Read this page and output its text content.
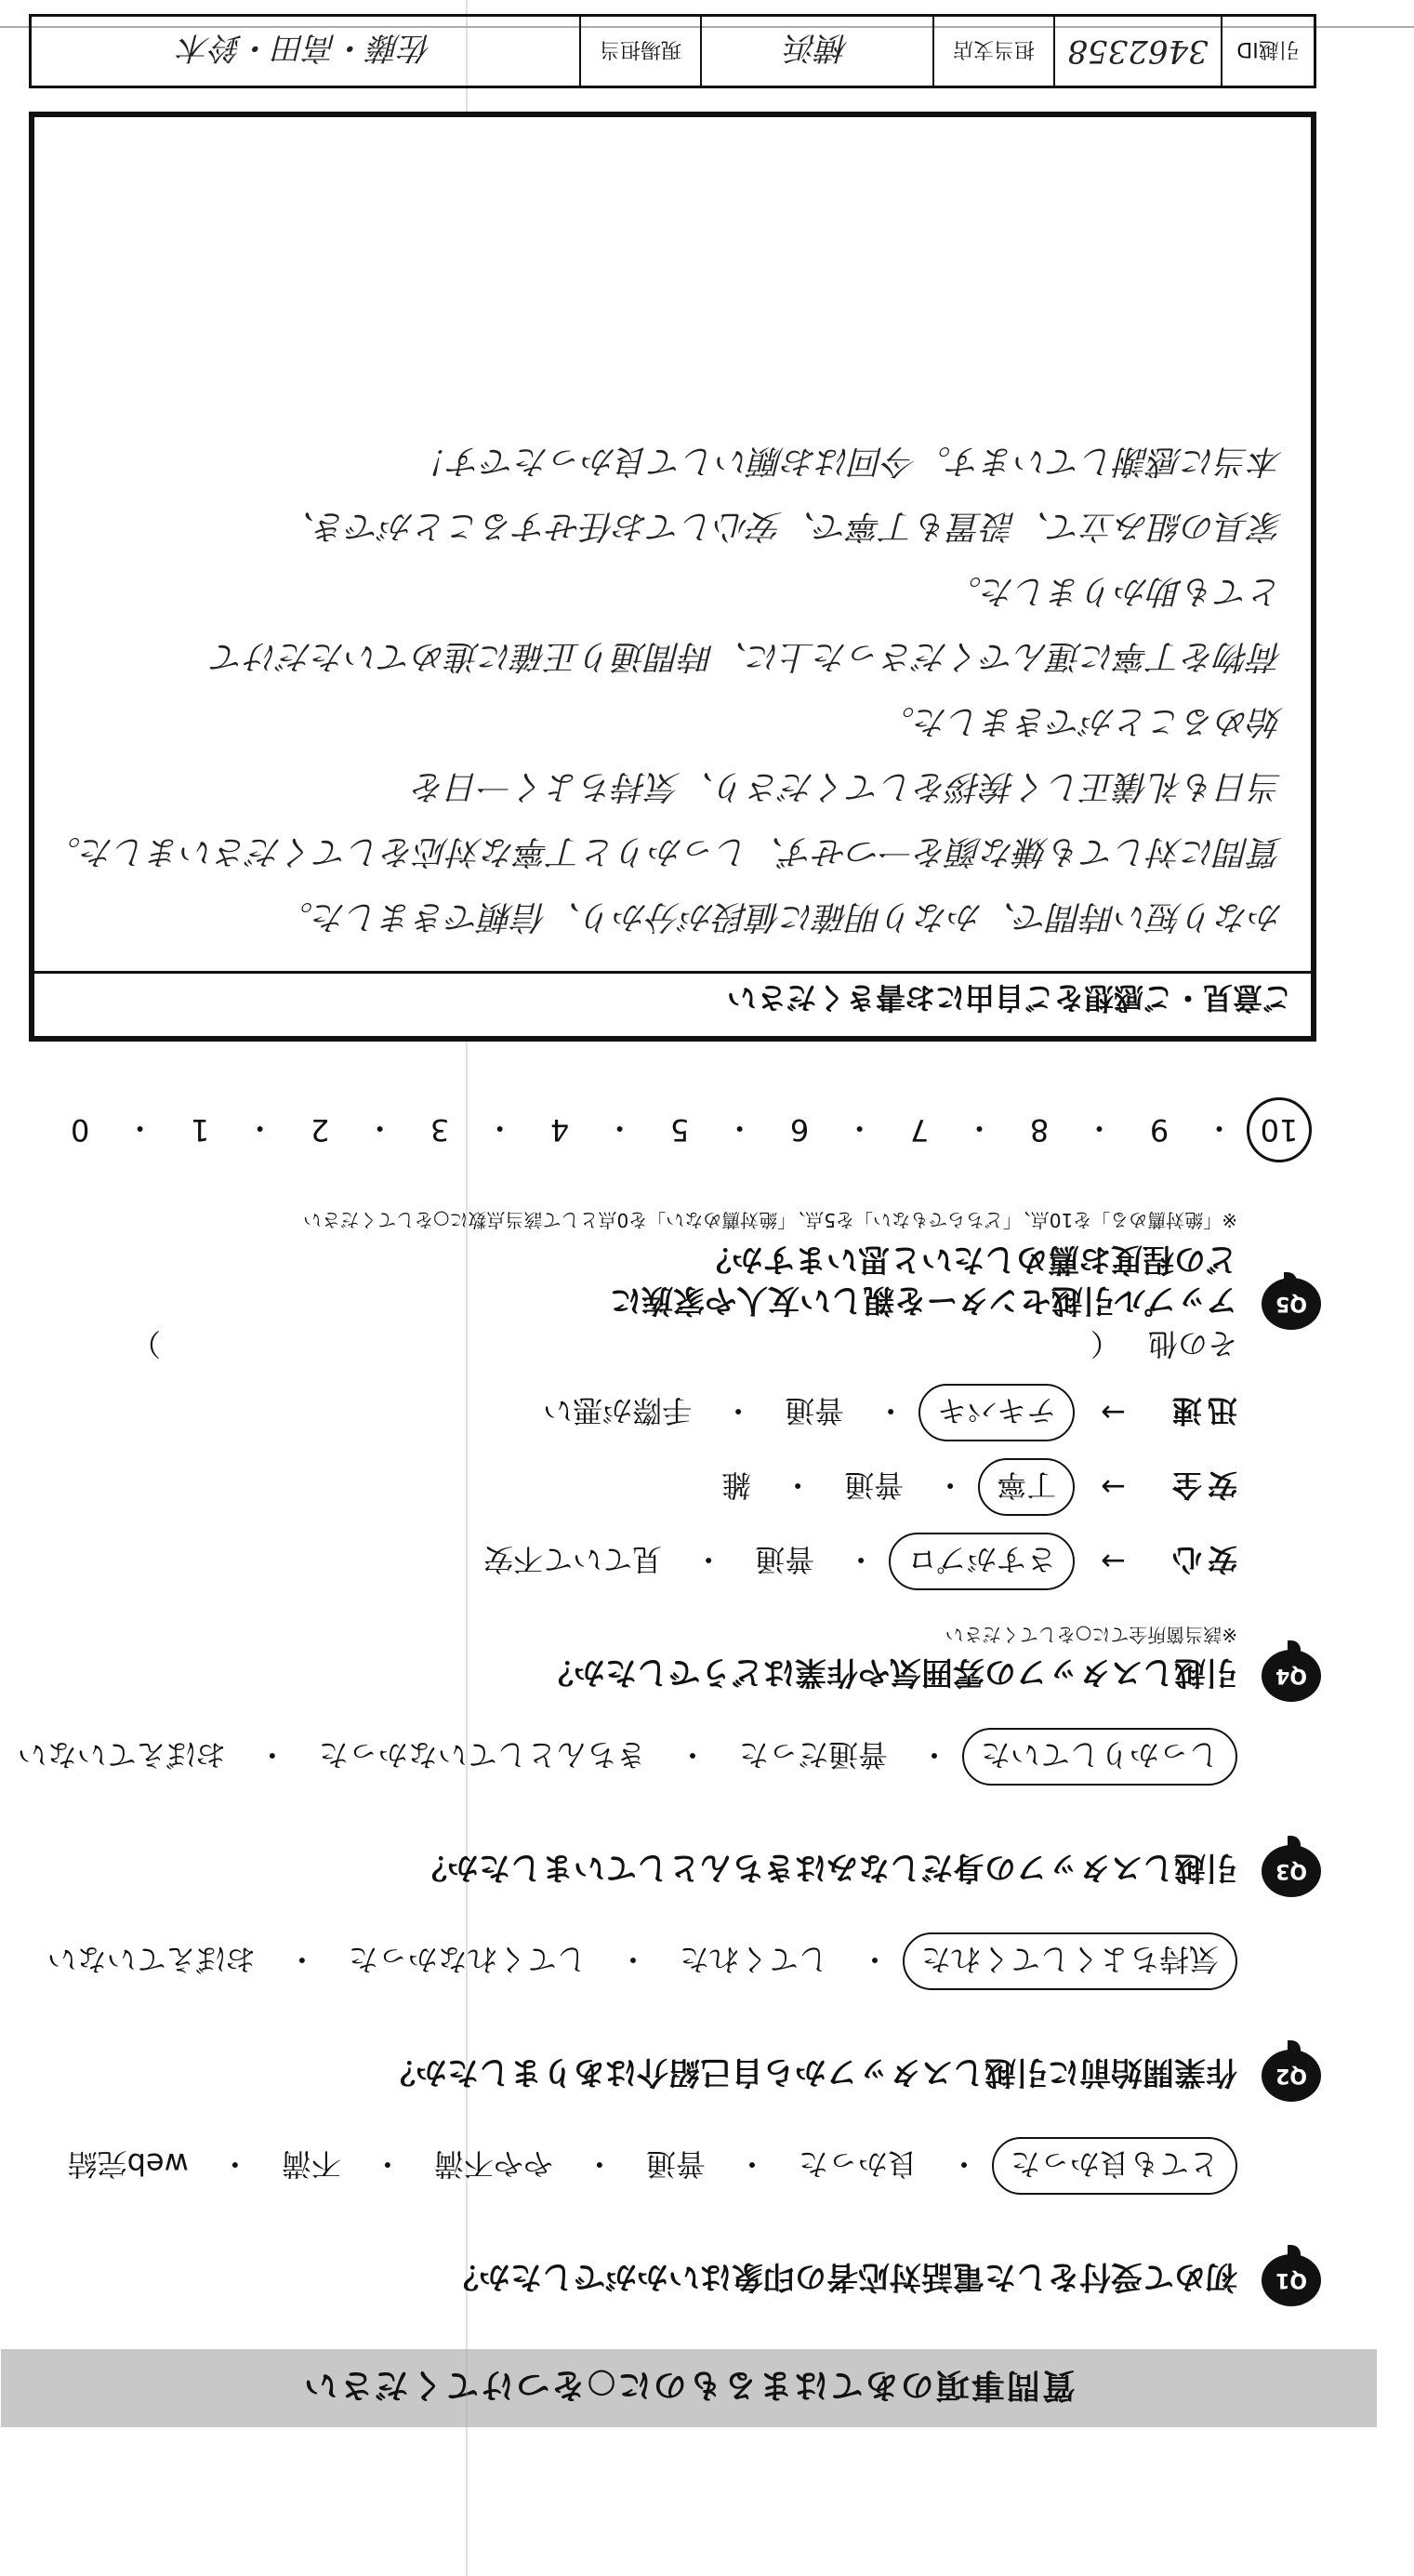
質問事項のあてはまるものに○をつけてください
Q1
初めて受付をした電話対応者の印象はいかがでしたか？
とても良かった
・
良かった
・
普通
・
やや不満
・
不満
・
web完結
Q2
作業開始前に引越しスタッフから自己紹介はありましたか？
気持ちよくしてくれた
・
してくれた
・
してくれなかった
・
おぼえていない
Q3
引越しスタッフの身だしなみはきちんとしていましたか？
しっかりしていた
・
普通だった
・
きちんとしていなかった
・
おぼえていない
Q4
引越しスタッフの雰囲気や作業はどうでしたか？
※該当箇所全てに○をしてください
安心
→
さすがプロ
・
普通
・
見ていて不安
安全
→
丁寧
・
普通
・
雑
迅速
→
テキパキ
・
普通
・
手際が悪い
その他
（
）
Q5
アップル引越センターを親しい友人や家族に
どの程度お薦めしたいと思いますか？
※「絶対薦める」を10点、「どちらでもない」を5点、「絶対薦めない」を0点として該当点数に○をしてください
10
・
9
・
8
・
7
・
6
・
5
・
4
・
3
・
2
・
1
・
0
ご意見・ご感想をご自由にお書きください
かなり短い時間で、かなり明確に値段が分かり、信頼できました。
質問に対しても嫌な顔を一つせず、しっかりと丁寧な対応をしてくださいました。
当日も礼儀正しく挨拶をしてくださり、気持ちよく一日を
始めることができました。
荷物を丁寧に運んでくださった上に、時間通り正確に進めていただけて
とても助かりました。
家具の組み立て、設置も丁寧で、安心してお任せすることができ、
本当に感謝しています。今回はお願いして良かったです！
引越ID
3462358
担当支店
横浜
現場担当
佐藤・高田・鈴木
